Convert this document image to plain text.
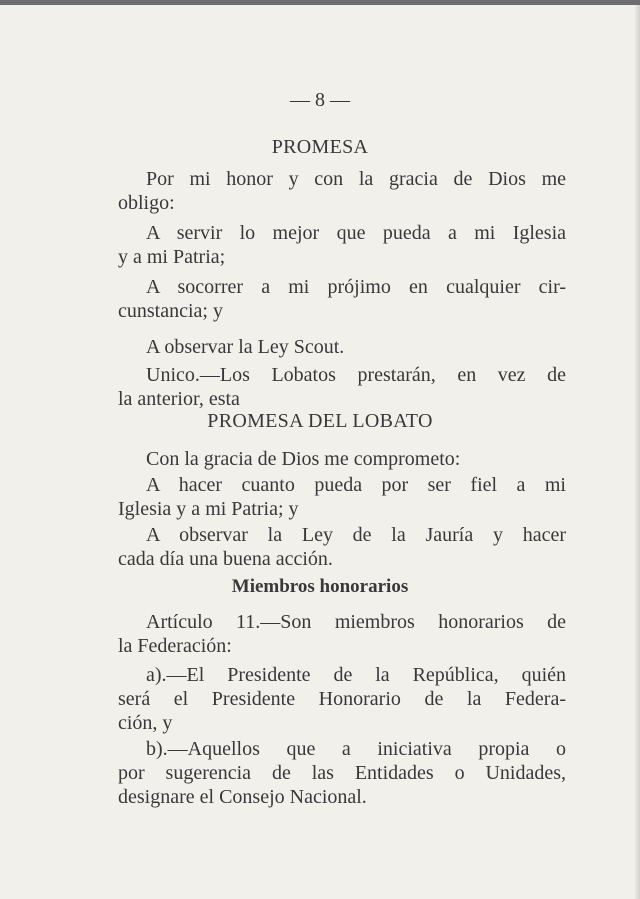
— 8 —

PROMESA

Por mi honor y con la gracia de Dios me

obligo:

A servir lo mejor que pueda a mi Iglesia

y a mi Patria;

A socorrer a mi prójimo en cualquier cir-

cunstancia; y

A observar la Ley Scout.

Unico.—Los Lobatos prestarán, en vez de

la anterior, esta

PROMESA DEL LOBATO

Con la gracia de Dios me comprometo:

A hacer cuanto pueda por ser fiel a mi

Iglesia y a mi Patria; y

A observar la Ley de la Jauría y hacer

cada día una buena acción.

Miembros honorarios

Artículo 11.—Son miembros honorarios de

la Federación:

a).—El Presidente de la República, quién

será el Presidente Honorario de la Federa-

ción, y

b).—Aquellos que a iniciativa propia o

por sugerencia de las Entidades o Unidades,

designare el Consejo Nacional.
